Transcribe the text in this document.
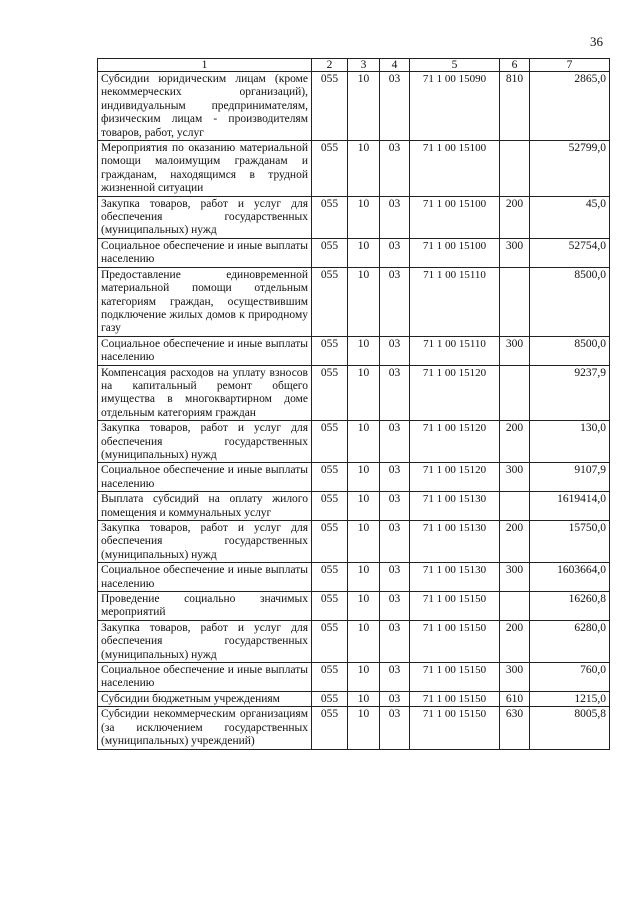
36
1	2	3	4	5	6	7
Субсидии юридическим лицам (кроме некоммерческих организаций), индивидуальным предпринимателям, физическим лицам - производителям товаров, работ, услуг	055	10	03	71 1 00 15090	810	2865,0
Мероприятия по оказанию материальной помощи малоимущим гражданам и гражданам, находящимся в трудной жизненной ситуации	055	10	03	71 1 00 15100		52799,0
Закупка товаров, работ и услуг для обеспечения государственных (муниципальных) нужд	055	10	03	71 1 00 15100	200	45,0
Социальное обеспечение и иные выплаты населению	055	10	03	71 1 00 15100	300	52754,0
Предоставление единовременной материальной помощи отдельным категориям граждан, осуществившим подключение жилых домов к природному газу	055	10	03	71 1 00 15110		8500,0
Социальное обеспечение и иные выплаты населению	055	10	03	71 1 00 15110	300	8500,0
Компенсация расходов на уплату взносов на капитальный ремонт общего имущества в многоквартирном доме отдельным категориям граждан	055	10	03	71 1 00 15120		9237,9
Закупка товаров, работ и услуг для обеспечения государственных (муниципальных) нужд	055	10	03	71 1 00 15120	200	130,0
Социальное обеспечение и иные выплаты населению	055	10	03	71 1 00 15120	300	9107,9
Выплата субсидий на оплату жилого помещения и коммунальных услуг	055	10	03	71 1 00 15130		1619414,0
Закупка товаров, работ и услуг для обеспечения государственных (муниципальных) нужд	055	10	03	71 1 00 15130	200	15750,0
Социальное обеспечение и иные выплаты населению	055	10	03	71 1 00 15130	300	1603664,0
Проведение социально значимых мероприятий	055	10	03	71 1 00 15150		16260,8
Закупка товаров, работ и услуг для обеспечения государственных (муниципальных) нужд	055	10	03	71 1 00 15150	200	6280,0
Социальное обеспечение и иные выплаты населению	055	10	03	71 1 00 15150	300	760,0
Субсидии бюджетным учреждениям	055	10	03	71 1 00 15150	610	1215,0
Субсидии некоммерческим организациям (за исключением государственных (муниципальных) учреждений)	055	10	03	71 1 00 15150	630	8005,8
